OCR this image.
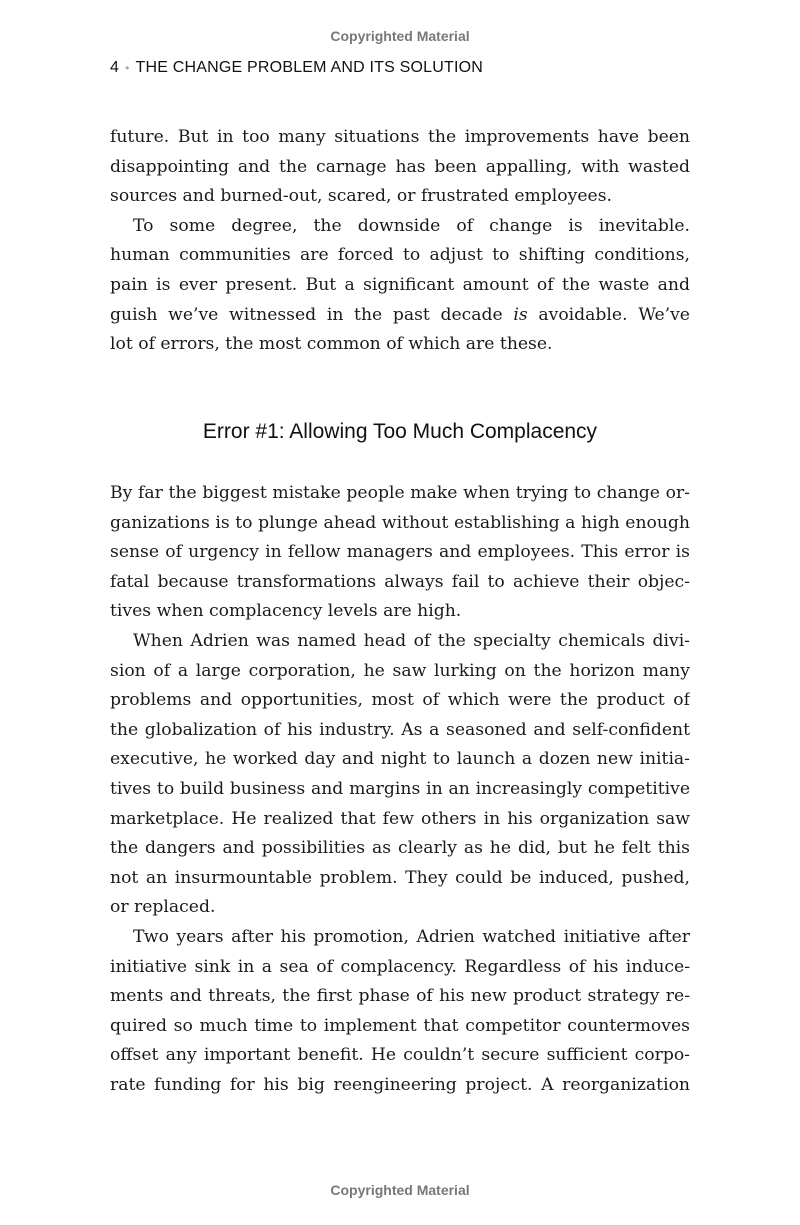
Copyrighted Material
4 • THE CHANGE PROBLEM AND ITS SOLUTION
future. But in too many situations the improvements have been
disappointing and the carnage has been appalling, with wasted
sources and burned-out, scared, or frustrated employees.
To some degree, the downside of change is inevitable.
human communities are forced to adjust to shifting conditions,
pain is ever present. But a significant amount of the waste and
guish we’ve witnessed in the past decade is avoidable. We’ve
lot of errors, the most common of which are these.
Error #1: Allowing Too Much Complacency
By far the biggest mistake people make when trying to change or-
ganizations is to plunge ahead without establishing a high enough
sense of urgency in fellow managers and employees. This error is
fatal because transformations always fail to achieve their objec-
tives when complacency levels are high.
When Adrien was named head of the specialty chemicals divi-
sion of a large corporation, he saw lurking on the horizon many
problems and opportunities, most of which were the product of
the globalization of his industry. As a seasoned and self-confident
executive, he worked day and night to launch a dozen new initia-
tives to build business and margins in an increasingly competitive
marketplace. He realized that few others in his organization saw
the dangers and possibilities as clearly as he did, but he felt this
not an insurmountable problem. They could be induced, pushed,
or replaced.
Two years after his promotion, Adrien watched initiative after
initiative sink in a sea of complacency. Regardless of his induce-
ments and threats, the first phase of his new product strategy re-
quired so much time to implement that competitor countermoves
offset any important benefit. He couldn’t secure sufficient corpo-
rate funding for his big reengineering project. A reorganization
Copyrighted Material
